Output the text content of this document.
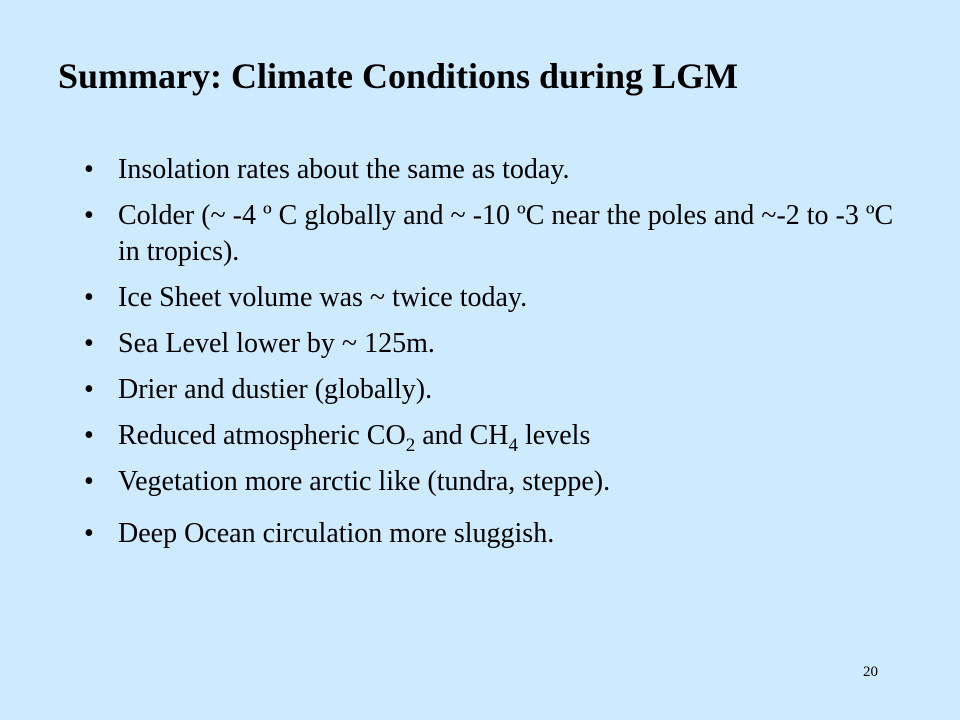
Summary: Climate Conditions during LGM
• Insolation rates about the same as today.
• Colder (~ -4 º C globally and ~ -10 ºC near the poles and ~-2 to -3 ºC in tropics).
• Ice Sheet volume was ~ twice today.
• Sea Level lower by ~ 125m.
• Drier and dustier (globally).
• Reduced atmospheric $CO_2$ and $CH_4$ levels
• Vegetation more arctic like (tundra, steppe).
• Deep Ocean circulation more sluggish.
20
